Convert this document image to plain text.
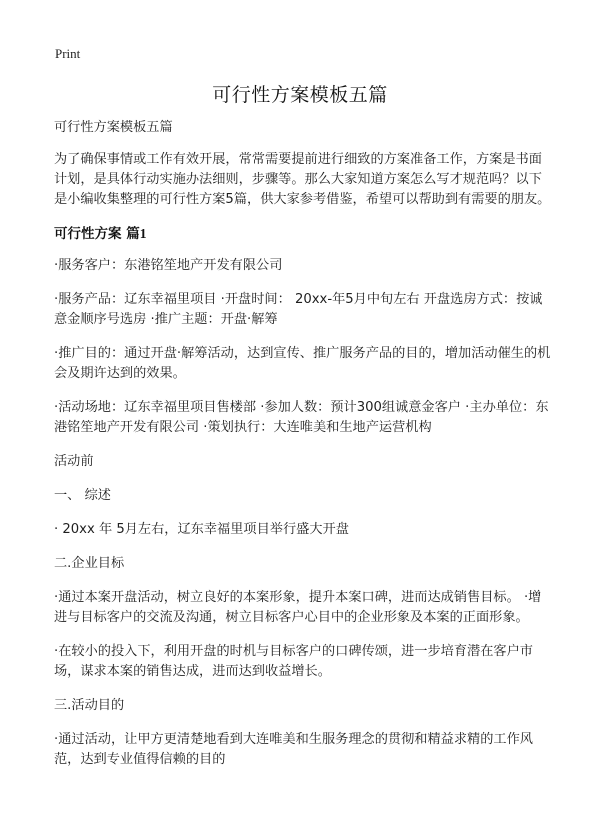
Print
可行性方案模板五篇

可行性方案模板五篇

为了确保事情或工作有效开展，常常需要提前进行细致的方案准备工作，方案是书面计划，是具体行动实施办法细则，步骤等。那么大家知道方案怎么写才规范吗？以下是小编收集整理的可行性方案5篇，供大家参考借鉴，希望可以帮助到有需要的朋友。

可行性方案 篇1

·服务客户：东港铭笙地产开发有限公司

·服务产品：辽东幸福里项目 ·开盘时间： 20xx-年5月中旬左右 开盘选房方式：按诚意金顺序号选房 ·推广主题：开盘·解筹

·推广目的：通过开盘·解筹活动，达到宣传、推广服务产品的目的，增加活动催生的机会及期许达到的效果。

·活动场地：辽东幸福里项目售楼部 ·参加人数：预计300组诚意金客户 ·主办单位：东港铭笙地产开发有限公司 ·策划执行：大连唯美和生地产运营机构

活动前

一、 综述

· 20xx 年 5月左右，辽东幸福里项目举行盛大开盘

二.企业目标

·通过本案开盘活动，树立良好的本案形象，提升本案口碑，进而达成销售目标。 ·增进与目标客户的交流及沟通，树立目标客户心目中的企业形象及本案的正面形象。

·在较小的投入下，利用开盘的时机与目标客户的口碑传颂，进一步培育潜在客户市场，谋求本案的销售达成，进而达到收益增长。

三.活动目的

·通过活动，让甲方更清楚地看到大连唯美和生服务理念的贯彻和精益求精的工作风范，达到专业值得信赖的目的
